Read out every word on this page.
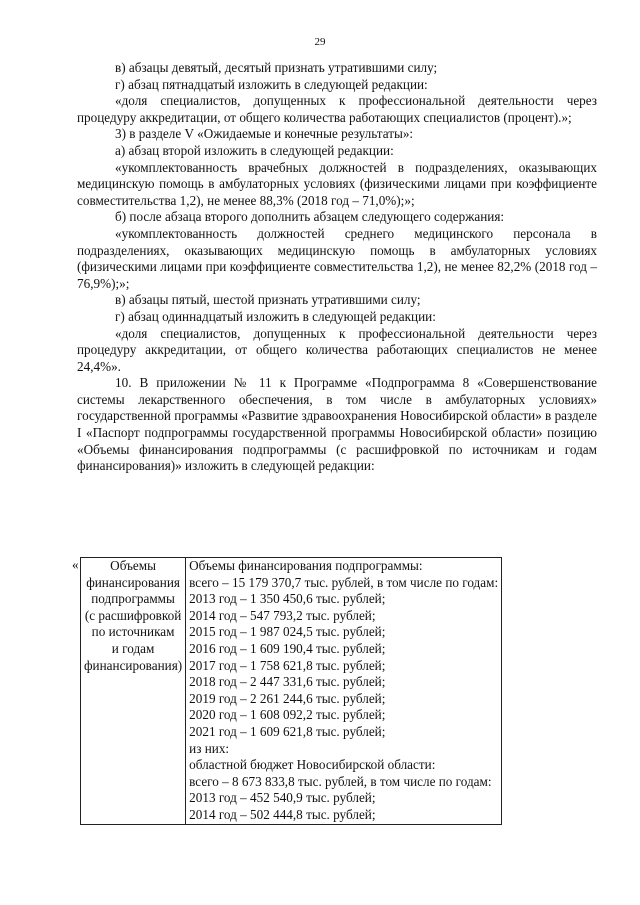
29

в) абзацы девятый, десятый признать утратившими силу;

г) абзац пятнадцатый изложить в следующей редакции:

«доля специалистов, допущенных к профессиональной деятельности через процедуру аккредитации, от общего количества работающих специалистов (процент).»;

3) в разделе V «Ожидаемые и конечные результаты»:

а) абзац второй изложить в следующей редакции:

«укомплектованность врачебных должностей в подразделениях, оказывающих медицинскую помощь в амбулаторных условиях (физическими лицами при коэффициенте совместительства 1,2), не менее 88,3% (2018 год – 71,0%);»;

б) после абзаца второго дополнить абзацем следующего содержания:

«укомплектованность должностей среднего медицинского персонала в подразделениях, оказывающих медицинскую помощь в амбулаторных условиях (физическими лицами при коэффициенте совместительства 1,2), не менее 82,2% (2018 год – 76,9%);»;

в) абзацы пятый, шестой признать утратившими силу;

г) абзац одиннадцатый изложить в следующей редакции:

«доля специалистов, допущенных к профессиональной деятельности через процедуру аккредитации, от общего количества работающих специалистов не менее 24,4%».

10. В приложении № 11 к Программе «Подпрограмма 8 «Совершенствование системы лекарственного обеспечения, в том числе в амбулаторных условиях» государственной программы «Развитие здравоохранения Новосибирской области» в разделе I «Паспорт подпрограммы государственной программы Новосибирской области» позицию «Объемы финансирования подпрограммы (с расшифровкой по источникам и годам финансирования)» изложить в следующей редакции:

«	Объемы
финансирования
подпрограммы
(с расшифровкой
по источникам
и годам
финансирования)

Объемы финансирования подпрограммы:
всего – 15 179 370,7 тыс. рублей, в том числе по годам:
2013 год – 1 350 450,6 тыс. рублей;
2014 год – 547 793,2 тыс. рублей;
2015 год – 1 987 024,5 тыс. рублей;
2016 год – 1 609 190,4 тыс. рублей;
2017 год – 1 758 621,8 тыс. рублей;
2018 год – 2 447 331,6 тыс. рублей;
2019 год – 2 261 244,6 тыс. рублей;
2020 год – 1 608 092,2 тыс. рублей;
2021 год – 1 609 621,8 тыс. рублей;
из них:
областной бюджет Новосибирской области:
всего – 8 673 833,8 тыс. рублей, в том числе по годам:
2013 год – 452 540,9 тыс. рублей;
2014 год – 502 444,8 тыс. рублей;
